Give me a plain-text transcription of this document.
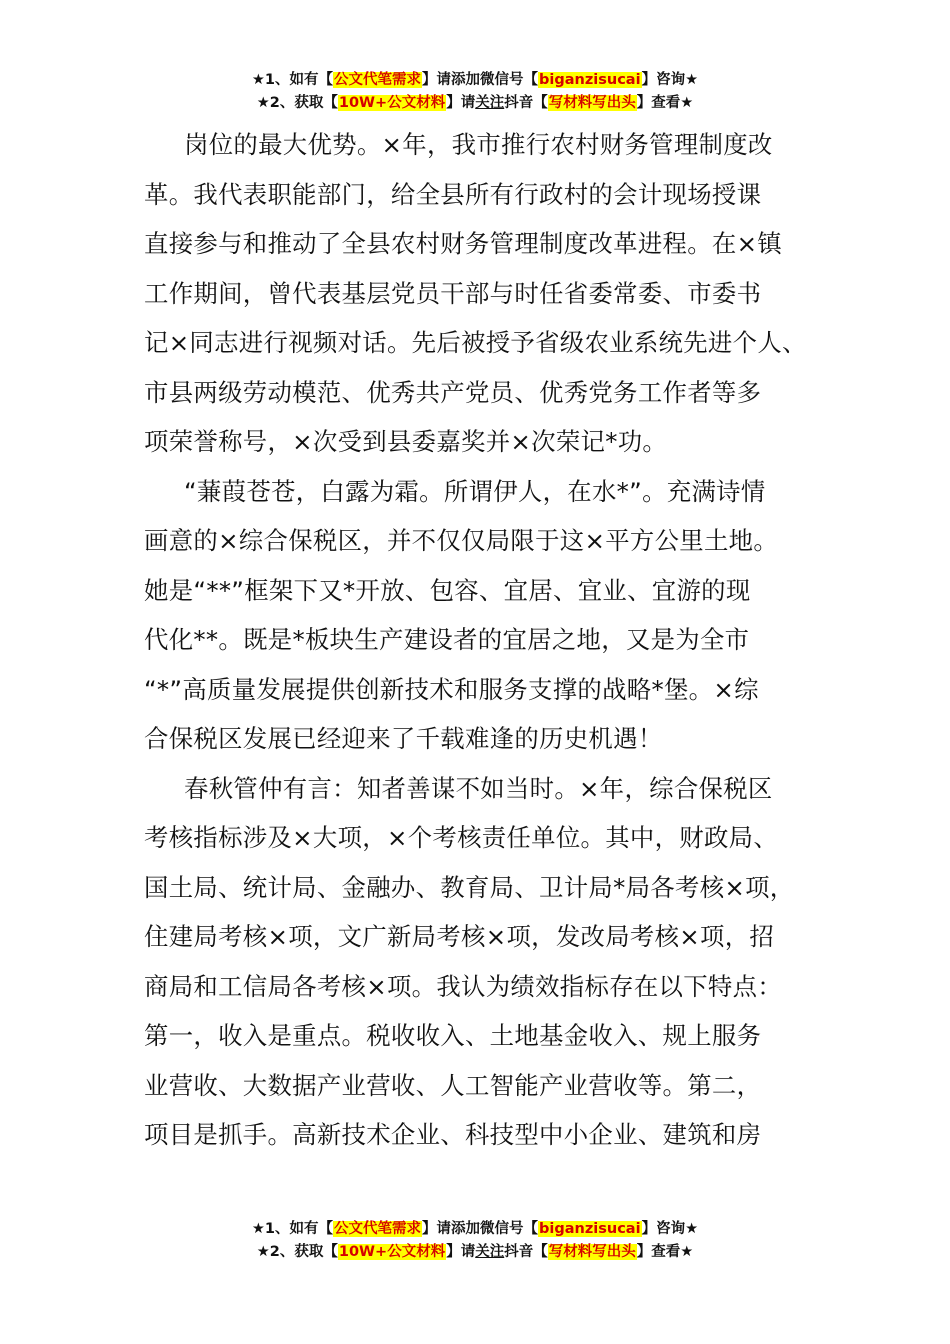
★1、如有【公文代笔需求】请添加微信号【biganzisucai】咨询★
★2、获取【10W+公文材料】请关注抖音【写材料写出头】查看★

岗位的最大优势。×年，我市推行农村财务管理制度改

革。我代表职能部门，给全县所有行政村的会计现场授课

直接参与和推动了全县农村财务管理制度改革进程。在×镇

工作期间，曾代表基层党员干部与时任省委常委、市委书

记×同志进行视频对话。先后被授予省级农业系统先进个人、

市县两级劳动模范、优秀共产党员、优秀党务工作者等多

项荣誉称号，×次受到县委嘉奖并×次荣记*功。

“蒹葭苍苍，白露为霜。所谓伊人，在水*”。充满诗情

画意的×综合保税区，并不仅仅局限于这×平方公里土地。

她是“**”框架下又*开放、包容、宜居、宜业、宜游的现

代化**。既是*板块生产建设者的宜居之地，又是为全市

“*”高质量发展提供创新技术和服务支撑的战略*堡。×综

合保税区发展已经迎来了千载难逢的历史机遇！

春秋管仲有言：知者善谋不如当时。×年，综合保税区

考核指标涉及×大项，×个考核责任单位。其中，财政局、

国土局、统计局、金融办、教育局、卫计局*局各考核×项，

住建局考核×项，文广新局考核×项，发改局考核×项，招

商局和工信局各考核×项。我认为绩效指标存在以下特点：

第一，收入是重点。税收收入、土地基金收入、规上服务

业营收、大数据产业营收、人工智能产业营收等。第二，

项目是抓手。高新技术企业、科技型中小企业、建筑和房

★1、如有【公文代笔需求】请添加微信号【biganzisucai】咨询★
★2、获取【10W+公文材料】请关注抖音【写材料写出头】查看★
